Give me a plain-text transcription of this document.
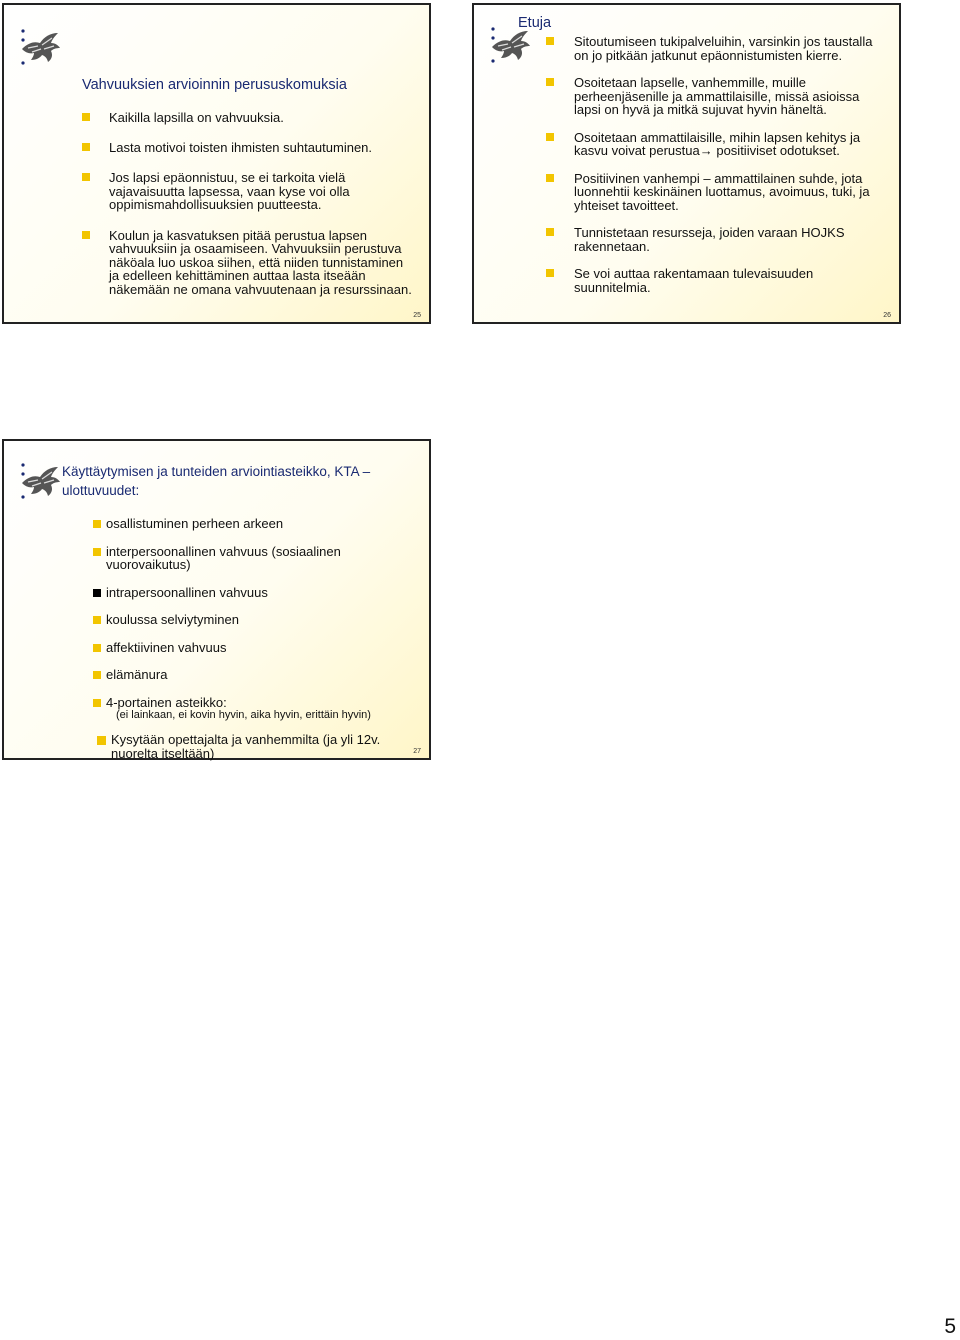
Vahvuuksien arvioinnin perususkomuksia
Kaikilla lapsilla on vahvuuksia.
Lasta motivoi toisten ihmisten suhtautuminen.
Jos lapsi epäonnistuu, se ei tarkoita vielä vajavaisuutta lapsessa, vaan kyse voi olla oppimismahdollisuuksien puutteesta.
Koulun ja kasvatuksen pitää perustua lapsen vahvuuksiin ja osaamiseen. Vahvuuksiin perustuva näköala luo uskoa siihen, että niiden tunnistaminen ja edelleen kehittäminen auttaa lasta itseään näkemään ne omana vahvuutenaan ja resurssinaan.
25
Etuja
Sitoutumiseen tukipalveluihin, varsinkin jos taustalla on jo pitkään jatkunut epäonnistumisten kierre.
Osoitetaan lapselle, vanhemmille, muille perheenjäsenille ja ammattilaisille, missä asioissa lapsi on hyvä ja mitkä sujuvat hyvin häneltä.
Osoitetaan ammattilaisille, mihin lapsen kehitys ja kasvu voivat perustua→ positiiviset odotukset.
Positiivinen vanhempi – ammattilainen suhde, jota luonnehtii keskinäinen luottamus, avoimuus, tuki, ja yhteiset tavoitteet.
Tunnistetaan resursseja, joiden varaan HOJKS rakennetaan.
Se voi auttaa rakentamaan tulevaisuuden suunnitelmia.
26
Käyttäytymisen ja tunteiden arviointiasteikko, KTA – ulottuvuudet:
osallistuminen perheen arkeen
interpersoonallinen vahvuus (sosiaalinen vuorovaikutus)
intrapersoonallinen vahvuus
koulussa selviytyminen
affektiivinen vahvuus
elämänura
4-portainen asteikko:
(ei lainkaan, ei kovin hyvin, aika hyvin, erittäin hyvin)
Kysytään opettajalta ja vanhemmilta (ja yli 12v. nuorelta itseltään)	27
5
